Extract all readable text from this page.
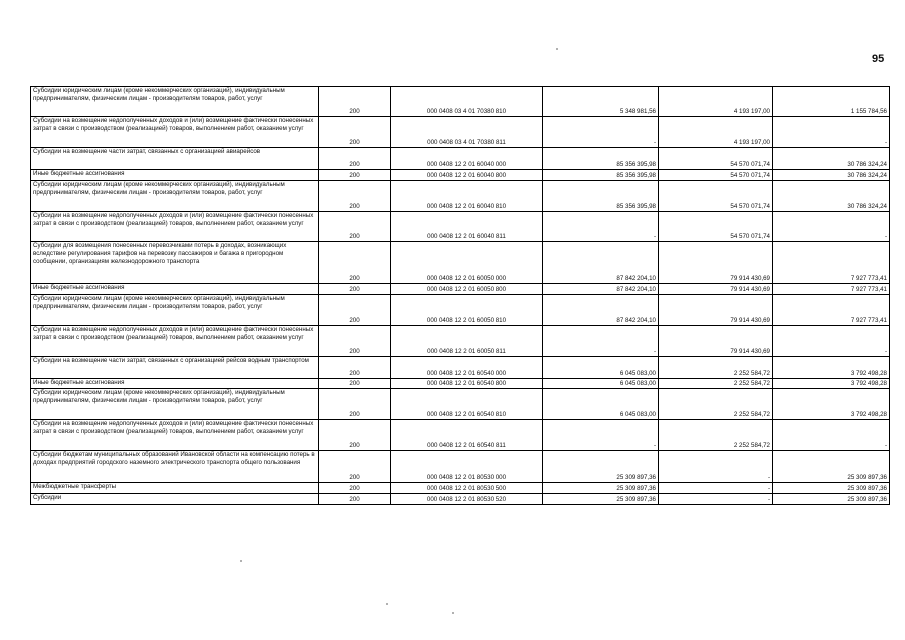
95
Субсидии юридическим лицам (кроме некоммерческих организаций), индивидуальным предпринимателям, физическим лицам - производителям товаров, работ, услуг	200	000 0408 03 4 01 70380 810	5 348 981,56	4 193 197,00	1 155 784,56
Субсидии на возмещение недополученных доходов и (или) возмещение фактически понесенных затрат в связи с производством (реализацией) товаров, выполнением работ, оказанием услуг	200	000 0408 03 4 01 70380 811	-	4 193 197,00	-
Субсидии на возмещение части затрат, связанных с организацией авиарейсов	200	000 0408 12 2 01 60040 000	85 356 395,98	54 570 071,74	30 786 324,24
Иные бюджетные ассигнования	200	000 0408 12 2 01 60040 800	85 356 395,98	54 570 071,74	30 786 324,24
Субсидии юридическим лицам (кроме некоммерческих организаций), индивидуальным предпринимателям, физическим лицам - производителям товаров, работ, услуг	200	000 0408 12 2 01 60040 810	85 356 395,98	54 570 071,74	30 786 324,24
Субсидии на возмещение недополученных доходов и (или) возмещение фактически понесенных затрат в связи с производством (реализацией) товаров, выполнением работ, оказанием услуг	200	000 0408 12 2 01 60040 811	-	54 570 071,74	-
Субсидии для возмещения понесенных перевозчиками потерь в доходах, возникающих вследствие регулирования тарифов на перевозку пассажиров и багажа в пригородном сообщении, организациям железнодорожного транспорта	200	000 0408 12 2 01 60050 000	87 842 204,10	79 914 430,69	7 927 773,41
Иные бюджетные ассигнования	200	000 0408 12 2 01 60050 800	87 842 204,10	79 914 430,69	7 927 773,41
Субсидии юридическим лицам (кроме некоммерческих организаций), индивидуальным предпринимателям, физическим лицам - производителям товаров, работ, услуг	200	000 0408 12 2 01 60050 810	87 842 204,10	79 914 430,69	7 927 773,41
Субсидии на возмещение недополученных доходов и (или) возмещение фактически понесенных затрат в связи с производством (реализацией) товаров, выполнением работ, оказанием услуг	200	000 0408 12 2 01 60050 811	-	79 914 430,69	-
Субсидии на возмещение части затрат, связанных с организацией рейсов водным транспортом	200	000 0408 12 2 01 60540 000	6 045 083,00	2 252 584,72	3 792 498,28
Иные бюджетные ассигнования	200	000 0408 12 2 01 60540 800	6 045 083,00	2 252 584,72	3 792 498,28
Субсидии юридическим лицам (кроме некоммерческих организаций), индивидуальным предпринимателям, физическим лицам - производителям товаров, работ, услуг	200	000 0408 12 2 01 60540 810	6 045 083,00	2 252 584,72	3 792 498,28
Субсидии на возмещение недополученных доходов и (или) возмещение фактически понесенных затрат в связи с производством (реализацией) товаров, выполнением работ, оказанием услуг	200	000 0408 12 2 01 60540 811	-	2 252 584,72	-
Субсидии бюджетам муниципальных образований Ивановской области на компенсацию потерь в доходах предприятий городского наземного электрического транспорта общего пользования	200	000 0408 12 2 01 80530 000	25 309 897,36	-	25 309 897,36
Межбюджетные трансферты	200	000 0408 12 2 01 80530 500	25 309 897,36	-	25 309 897,36
Субсидии	200	000 0408 12 2 01 80530 520	25 309 897,36	-	25 309 897,36
